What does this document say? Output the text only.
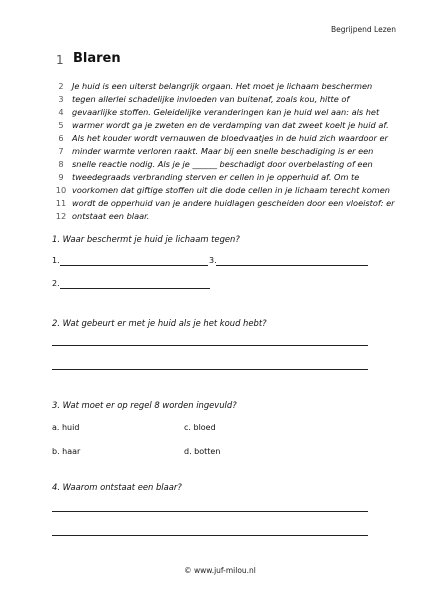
Begrijpend Lezen
1 Blaren
2	Je huid is een uiterst belangrijk orgaan. Het moet je lichaam beschermen
3	tegen allerlei schadelijke invloeden van buitenaf, zoals kou, hitte of
4	gevaarlijke stoffen. Geleidelijke veranderingen kan je huid wel aan: als het
5	warmer wordt ga je zweten en de verdamping van dat zweet koelt je huid af.
6	Als het kouder wordt vernauwen de bloedvaatjes in de huid zich waardoor er
7	minder warmte verloren raakt. Maar bij een snelle beschadiging is er een
8	snelle reactie nodig. Als je je ______ beschadigt door overbelasting of een
9	tweedegraads verbranding sterven er cellen in je opperhuid af. Om te
10 voorkomen dat giftige stoffen uit die dode cellen in je lichaam terecht komen
11 wordt de opperhuid van je andere huidlagen gescheiden door een vloeistof: er
12 ontstaat een blaar.
1. Waar beschermt je huid je lichaam tegen?
1.	3.
2.
2. Wat gebeurt er met je huid als je het koud hebt?
3. Wat moet er op regel 8 worden ingevuld?
a. huid	c. bloed
b. haar	d. botten
4. Waarom ontstaat een blaar?
© www.juf-milou.nl
